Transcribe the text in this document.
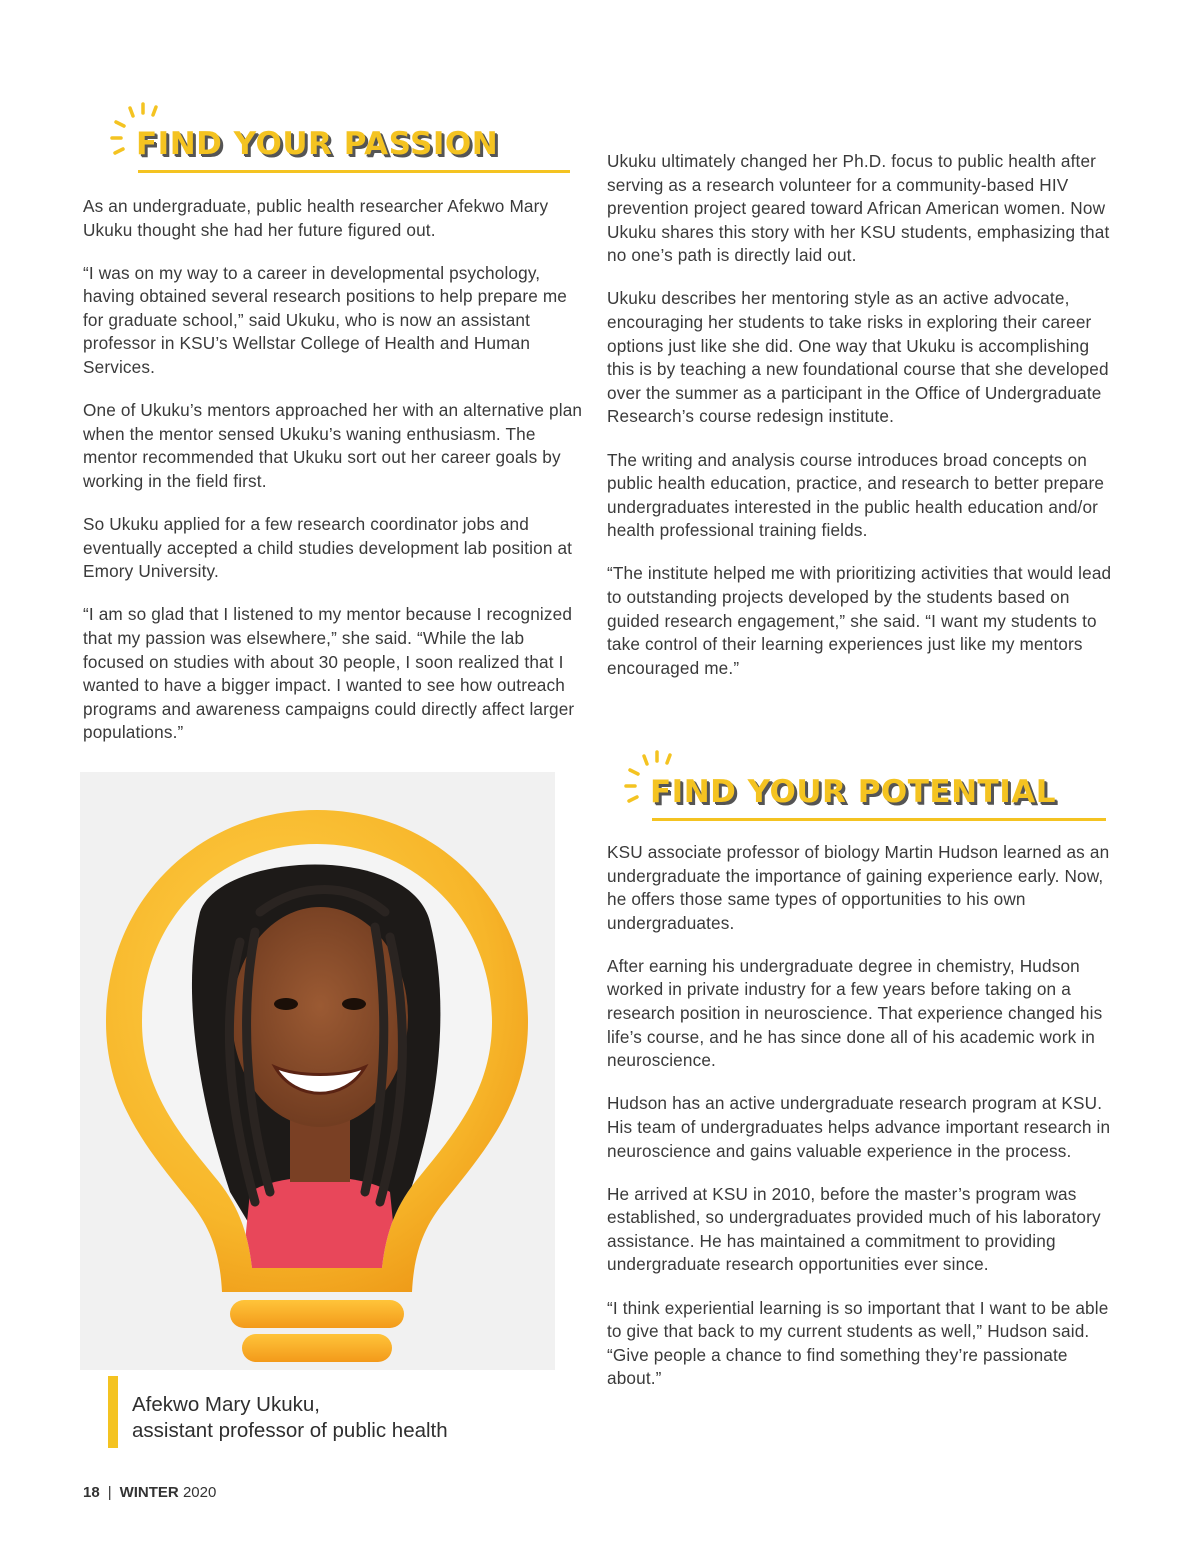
FIND YOUR PASSION

As an undergraduate, public health researcher Afekwo Mary Ukuku thought she had her future figured out.

“I was on my way to a career in developmental psychology, having obtained several research positions to help prepare me for graduate school,” said Ukuku, who is now an assistant professor in KSU’s Wellstar College of Health and Human Services.

One of Ukuku’s mentors approached her with an alternative plan when the mentor sensed Ukuku’s waning enthusiasm. The mentor recommended that Ukuku sort out her career goals by working in the field first.

So Ukuku applied for a few research coordinator jobs and eventually accepted a child studies development lab position at Emory University.

“I am so glad that I listened to my mentor because I recognized that my passion was elsewhere,” she said. “While the lab focused on studies with about 30 people, I soon realized that I wanted to have a bigger impact. I wanted to see how outreach programs and awareness campaigns could directly affect larger populations.”

Ukuku ultimately changed her Ph.D. focus to public health after serving as a research volunteer for a community-based HIV prevention project geared toward African American women. Now Ukuku shares this story with her KSU students, emphasizing that no one’s path is directly laid out.

Ukuku describes her mentoring style as an active advocate, encouraging her students to take risks in exploring their career options just like she did. One way that Ukuku is accomplishing this is by teaching a new foundational course that she developed over the summer as a participant in the Office of Undergraduate Research’s course redesign institute.

The writing and analysis course introduces broad concepts on public health education, practice, and research to better prepare undergraduates interested in the public health education and/or health professional training fields.

“The institute helped me with prioritizing activities that would lead to outstanding projects developed by the students based on guided research engagement,” she said. “I want my students to take control of their learning experiences just like my mentors encouraged me.”

FIND YOUR POTENTIAL

KSU associate professor of biology Martin Hudson learned as an undergraduate the importance of gaining experience early. Now, he offers those same types of opportunities to his own undergraduates.

After earning his undergraduate degree in chemistry, Hudson worked in private industry for a few years before taking on a research position in neuroscience. That experience changed his life’s course, and he has since done all of his academic work in neuroscience.

Hudson has an active undergraduate research program at KSU. His team of undergraduates helps advance important research in neuroscience and gains valuable experience in the process.

He arrived at KSU in 2010, before the master’s program was established, so undergraduates provided much of his laboratory assistance. He has maintained a commitment to providing undergraduate research opportunities ever since.

“I think experiential learning is so important that I want to be able to give that back to my current students as well,” Hudson said. “Give people a chance to find something they’re passionate about.”

Afekwo Mary Ukuku,
assistant professor of public health
18 | WINTER 2020
